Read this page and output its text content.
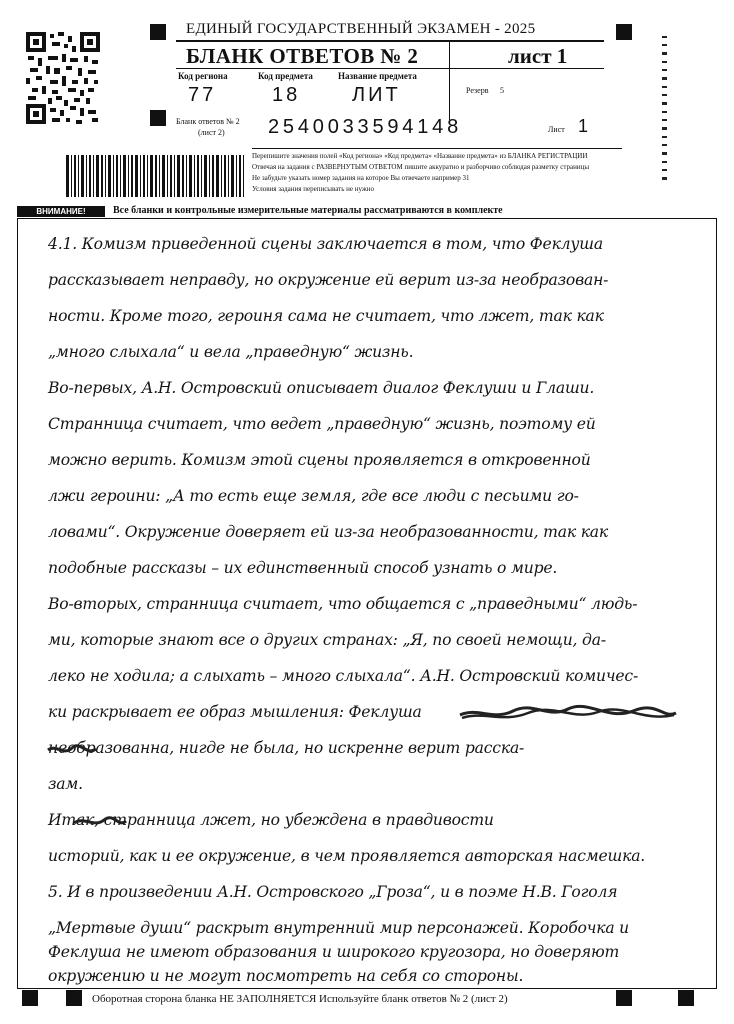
ЕДИНЫЙ ГОСУДАРСТВЕННЫЙ ЭКЗАМЕН - 2025
БЛАНК ОТВЕТОВ № 2	лист 1
Код региона
77
Код предмета
18
Название предмета
ЛИТ	Резерв 5
Бланк ответов № 2
(лист 2) 2540033594148	Лист 1
Перепишите значения полей «Код региона» «Код предмета» «Название предмета» из БЛАНКА РЕГИСТРАЦИИ
Отвечая на задания с РАЗВЕРНУТЫМ ОТВЕТОМ пишите аккуратно и разборчиво соблюдая разметку страницы
Не забудьте указать номер задания на которое Вы отвечаете например 31
Условия задания переписывать не нужно
ВНИМАНИЕ!	Все бланки и контрольные измерительные материалы рассматриваются в комплекте
4.1. Комизм приведенной сцены заключается в том, что Феклуша
рассказывает неправду, но окружение ей верит из-за необразован-
ности. Кроме того, героиня сама не считает, что лжет, так как
„много слыхала“ и вела „праведную“ жизнь.
Во-первых, А.Н. Островский описывает диалог Феклуши и Глаши.
Странница считает, что ведет „праведную“ жизнь, поэтому ей
можно верить. Комизм этой сцены проявляется в откровенной
лжи героини: „А то есть еще земля, где все люди с песьими го-
ловами“. Окружение доверяет ей из-за необразованности, так как
подобные рассказы – их единственный способ узнать о мире.
Во-вторых, странница считает, что общается с „праведными“ людь-
ми, которые знают все о других странах: „Я, по своей немощи, да-
леко не ходила; а слыхать – много слыхала“. А.Н. Островский комичес-
ки раскрывает ее образ мышления: Феклуша
необразованна, нигде не была, но искренне верит расска-
зам.
Итак, странница лжет, но убеждена в правдивости
историй, как и ее окружение, в чем проявляется авторская насмешка.
5. И в произведении А.Н. Островского „Гроза“, и в поэме Н.В. Гоголя
„Мертвые души“ раскрыт внутренний мир персонажей. Коробочка и
Феклуша не имеют образования и широкого кругозора, но доверяют
окружению и не могут посмотреть на себя со стороны.
Оборотная сторона бланка НЕ ЗАПОЛНЯЕТСЯ Используйте бланк ответов № 2 (лист 2)
